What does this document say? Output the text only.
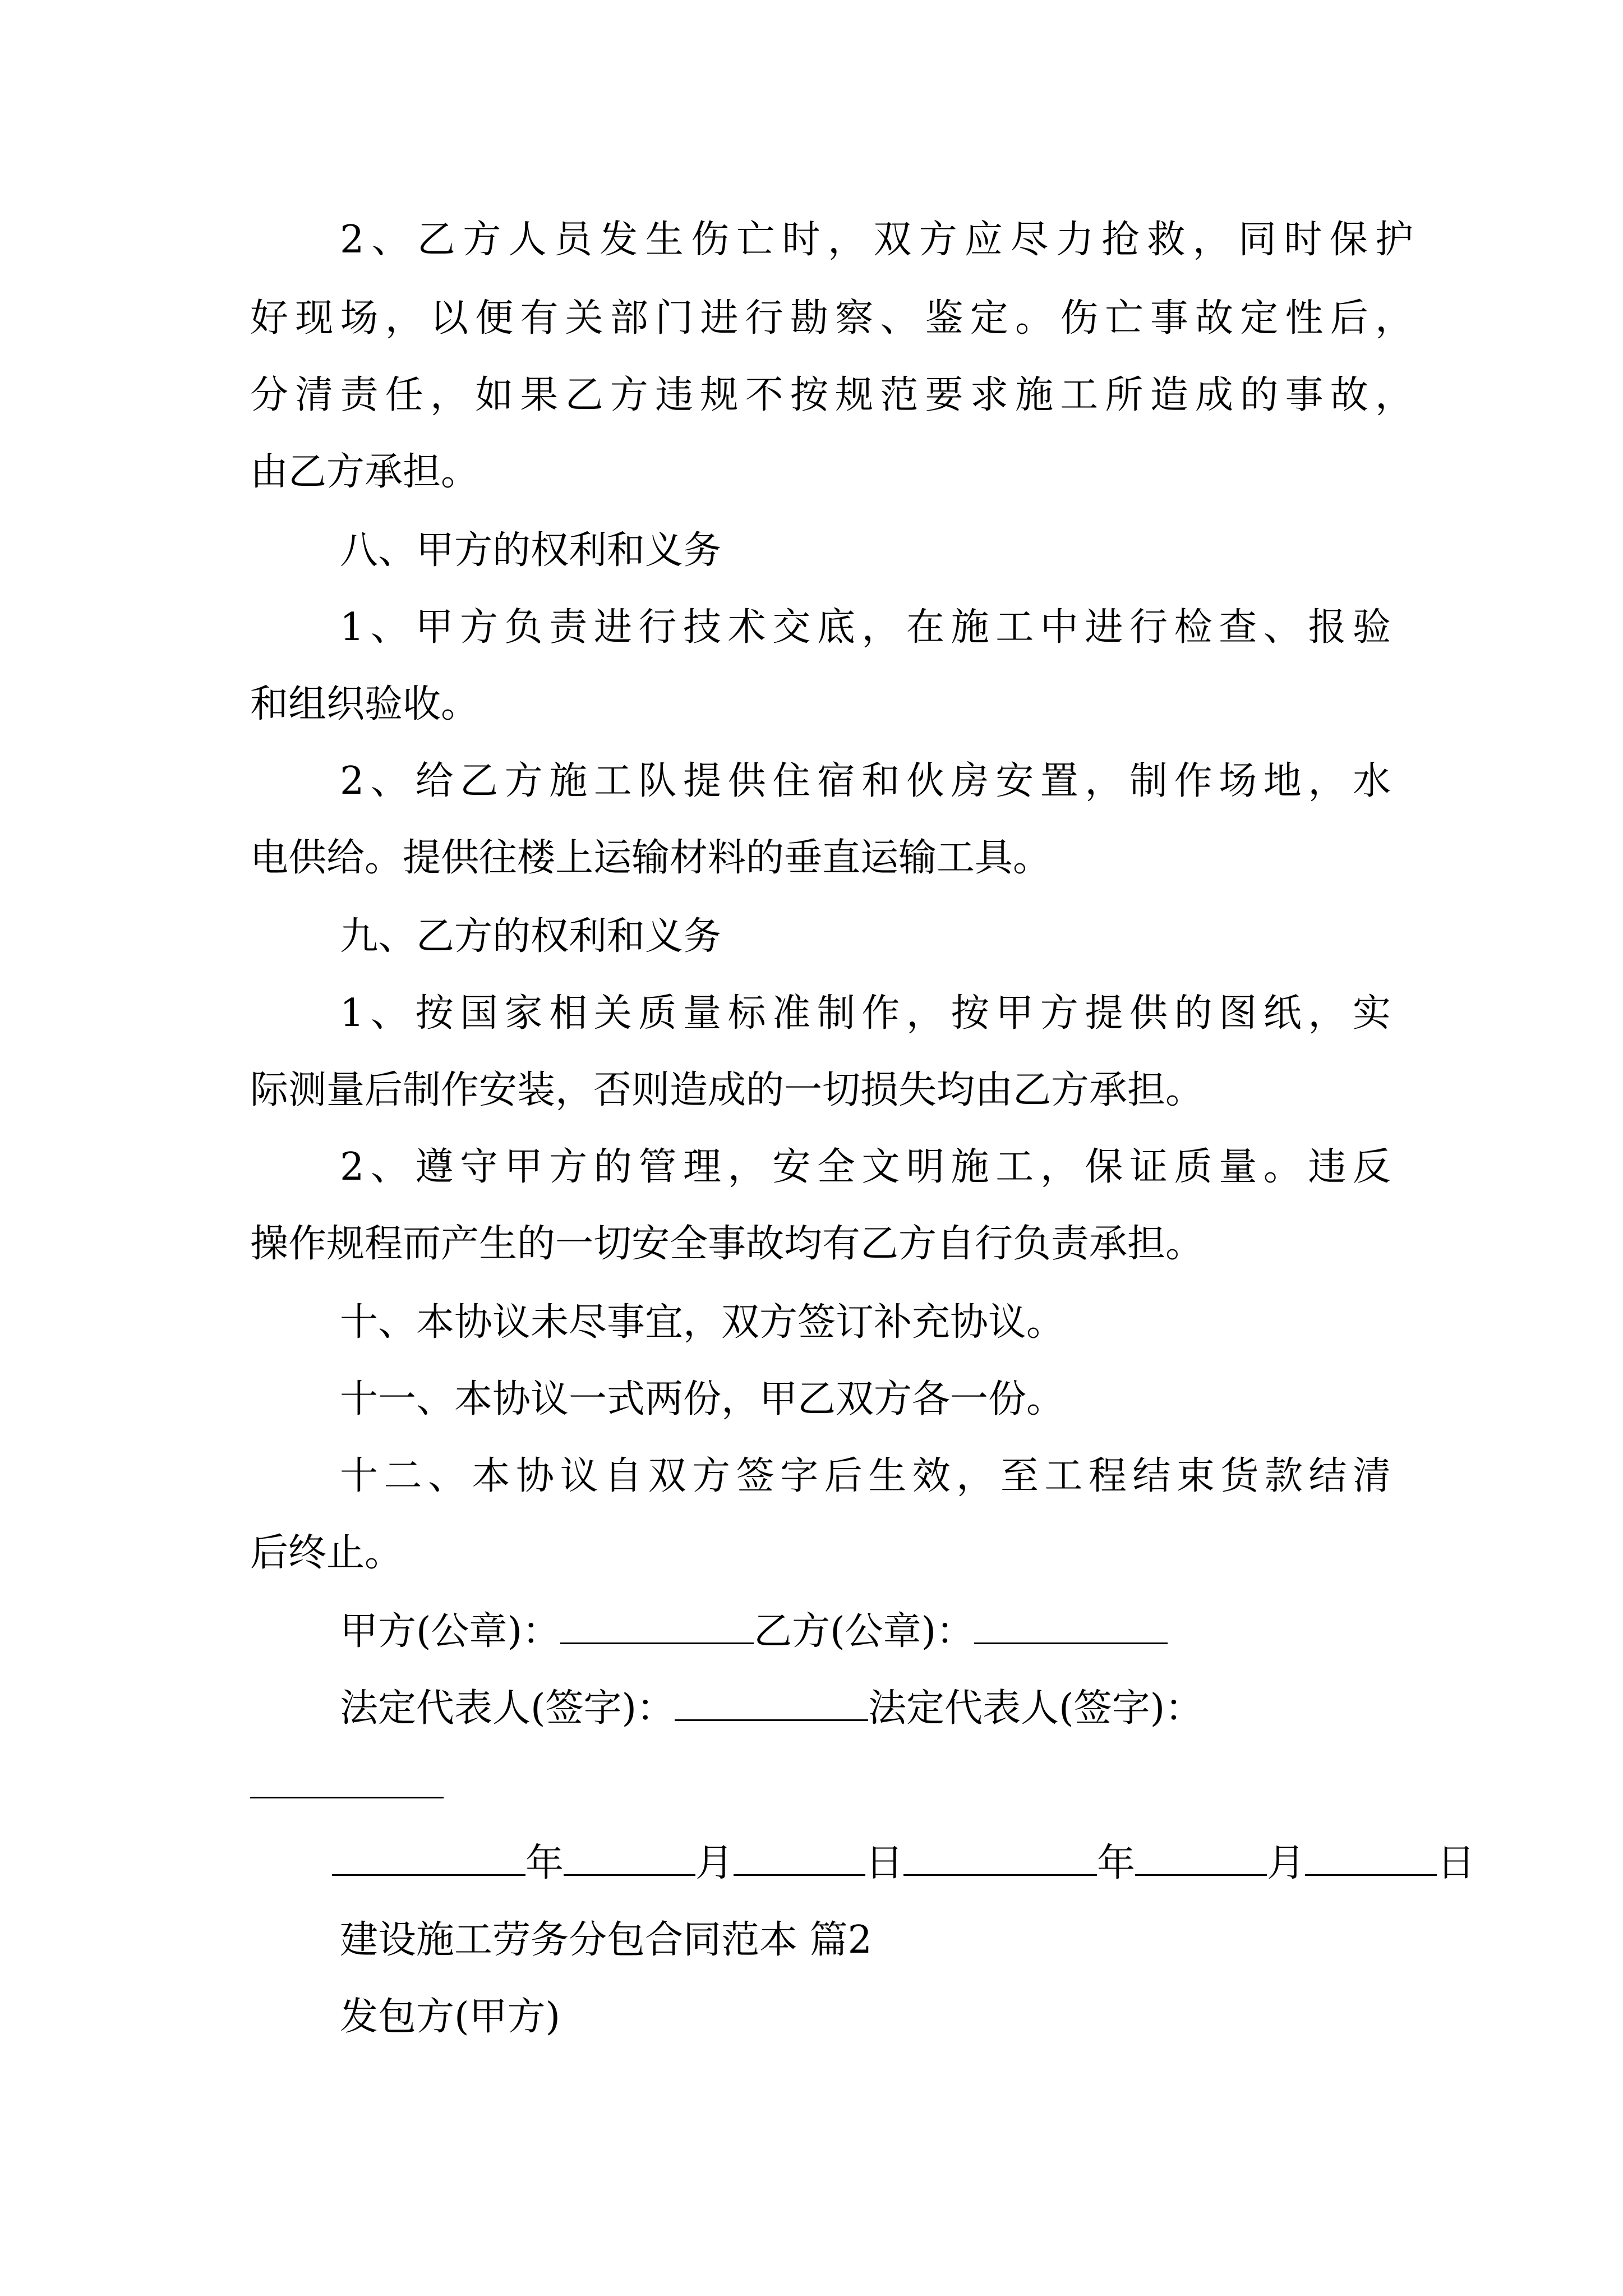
2、乙方人员发生伤亡时，双方应尽力抢救，同时保护
好现场，以便有关部门进行勘察、鉴定。伤亡事故定性后，
分清责任，如果乙方违规不按规范要求施工所造成的事故，
由乙方承担。
八、甲方的权利和义务
1、甲方负责进行技术交底，在施工中进行检查、报验
和组织验收。
2、给乙方施工队提供住宿和伙房安置，制作场地，水
电供给。提供往楼上运输材料的垂直运输工具。
九、乙方的权利和义务
1、按国家相关质量标准制作，按甲方提供的图纸，实
际测量后制作安装，否则造成的一切损失均由乙方承担。
2、遵守甲方的管理，安全文明施工，保证质量。违反
操作规程而产生的一切安全事故均有乙方自行负责承担。
十、本协议未尽事宜，双方签订补充协议。
十一、本协议一式两份，甲乙双方各一份。
十二、本协议自双方签字后生效，至工程结束货款结清
后终止。
甲方(公章)：	乙方(公章)：
法定代表人(签字)：	法定代表人(签字)：
年	月	日	年	月	日
建设施工劳务分包合同范本 篇2
发包方(甲方)
